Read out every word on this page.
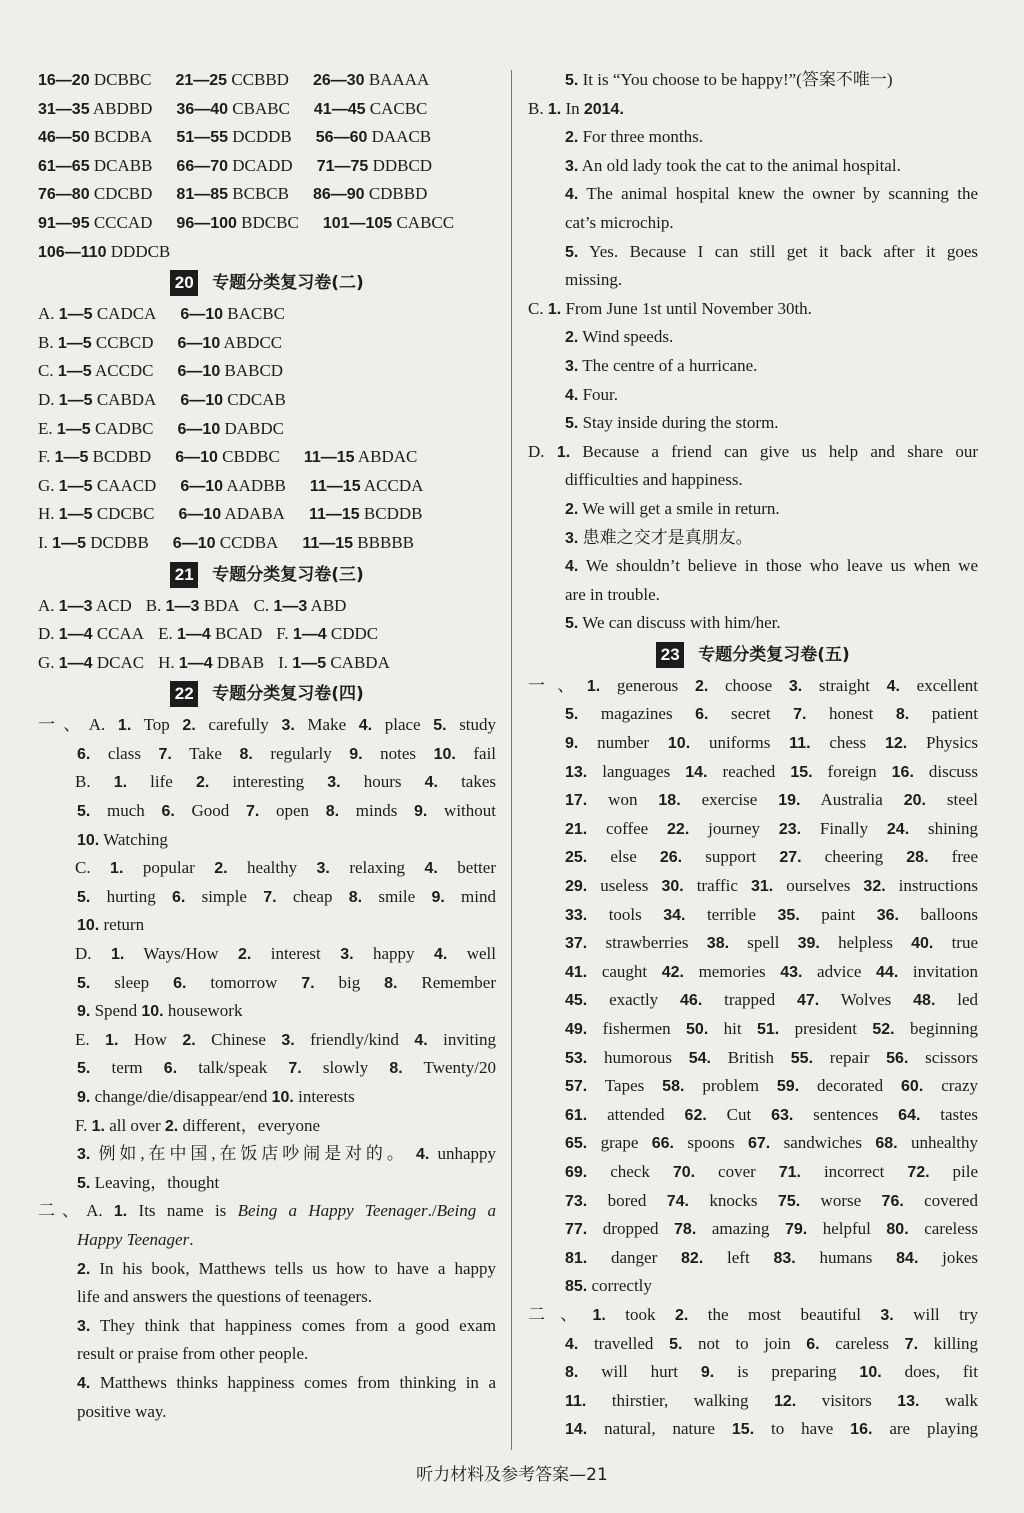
16—20 DCBBC 21—25 CCBBD 26—30 BAAAA
31—35 ABDBD 36—40 CBABC 41—45 CACBC
46—50 BCDBA 51—55 DCDDB 56—60 DAACB
61—65 DCABB 66—70 DCADD 71—75 DDBCD
76—80 CDCBD 81—85 BCBCB 86—90 CDBBD
91—95 CCCAD 96—100 BDCBC 101—105 CABCC
106—110 DDDCB
20 专题分类复习卷(二)
A. 1—5 CADCA 6—10 BACBC
B. 1—5 CCBCD 6—10 ABDCC
C. 1—5 ACCDC 6—10 BABCD
D. 1—5 CABDA 6—10 CDCAB
E. 1—5 CADBC 6—10 DABDC
F. 1—5 BCDBD 6—10 CBDBC 11—15 ABDAC
G. 1—5 CAACD 6—10 AADBB 11—15 ACCDA
H. 1—5 CDCBC 6—10 ADABA 11—15 BCDDB
I. 1—5 DCDBB 6—10 CCDBA 11—15 BBBBB
21 专题分类复习卷(三)
A. 1—3 ACD B. 1—3 BDA C. 1—3 ABD
D. 1—4 CCAA E. 1—4 BCAD F. 1—4 CDDC
G. 1—4 DCAC H. 1—4 DBAB I. 1—5 CABDA
22 专题分类复习卷(四)
一、A. 1. Top 2. carefully 3. Make 4. place 5. study
6. class 7. Take 8. regularly 9. notes 10. fail
B. 1. life 2. interesting 3. hours 4. takes
5. much 6. Good 7. open 8. minds 9. without
10. Watching
C. 1. popular 2. healthy 3. relaxing 4. better
5. hurting 6. simple 7. cheap 8. smile 9. mind
10. return
D. 1. Ways/How 2. interest 3. happy 4. well
5. sleep 6. tomorrow 7. big 8. Remember
9. Spend 10. housework
E. 1. How 2. Chinese 3. friendly/kind 4. inviting
5. term 6. talk/speak 7. slowly 8. Twenty/20
9. change/die/disappear/end 10. interests
F. 1. all over 2. different，everyone
3. 例如,在中国,在饭店吵闹是对的。 4. unhappy
5. Leaving，thought
二、A. 1. Its name is Being a Happy Teenager./Being a
Happy Teenager.
2. In his book, Matthews tells us how to have a happy
life and answers the questions of teenagers.
3. They think that happiness comes from a good exam
result or praise from other people.
4. Matthews thinks happiness comes from thinking in a
positive way.
5. It is “You choose to be happy!”(答案不唯一)
B. 1. In 2014.
2. For three months.
3. An old lady took the cat to the animal hospital.
4. The animal hospital knew the owner by scanning the
cat’s microchip.
5. Yes. Because I can still get it back after it goes
missing.
C. 1. From June 1st until November 30th.
2. Wind speeds.
3. The centre of a hurricane.
4. Four.
5. Stay inside during the storm.
D. 1. Because a friend can give us help and share our
difficulties and happiness.
2. We will get a smile in return.
3. 患难之交才是真朋友。
4. We shouldn’t believe in those who leave us when we
are in trouble.
5. We can discuss with him/her.
23 专题分类复习卷(五)
一、1. generous 2. choose 3. straight 4. excellent
5. magazines 6. secret 7. honest 8. patient
9. number 10. uniforms 11. chess 12. Physics
13. languages 14. reached 15. foreign 16. discuss
17. won 18. exercise 19. Australia 20. steel
21. coffee 22. journey 23. Finally 24. shining
25. else 26. support 27. cheering 28. free
29. useless 30. traffic 31. ourselves 32. instructions
33. tools 34. terrible 35. paint 36. balloons
37. strawberries 38. spell 39. helpless 40. true
41. caught 42. memories 43. advice 44. invitation
45. exactly 46. trapped 47. Wolves 48. led
49. fishermen 50. hit 51. president 52. beginning
53. humorous 54. British 55. repair 56. scissors
57. Tapes 58. problem 59. decorated 60. crazy
61. attended 62. Cut 63. sentences 64. tastes
65. grape 66. spoons 67. sandwiches 68. unhealthy
69. check 70. cover 71. incorrect 72. pile
73. bored 74. knocks 75. worse 76. covered
77. dropped 78. amazing 79. helpful 80. careless
81. danger 82. left 83. humans 84. jokes
85. correctly
二、1. took 2. the most beautiful 3. will try
4. travelled 5. not to join 6. careless 7. killing
8. will hurt 9. is preparing 10. does, fit
11. thirstier, walking 12. visitors 13. walk
14. natural, nature 15. to have 16. are playing
听力材料及参考答案—21
